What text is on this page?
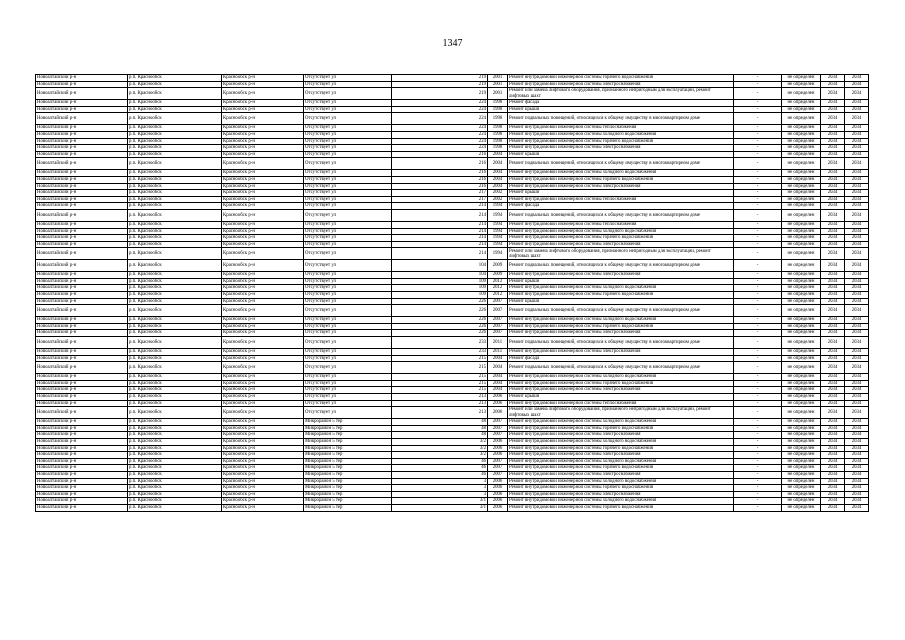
1347
Новоалтайский р-н	р.п. Краснообск	Краснообск р-н	Отсутствует ул	219	2001	Ремонт внутридомовой инженерной системы горячего водоснабжения	-	не определен	2034	2034
Новоалтайский р-н	р.п. Краснообск	Краснообск р-н	Отсутствует ул	219	2001	Ремонт внутридомовой инженерной системы электроснабжения	-	не определен	2034	2034
Новоалтайский р-н	р.п. Краснообск	Краснообск р-н	Отсутствует ул	219	2001	Ремонт или замена лифтового оборудования, признанного непригодным для эксплуатации, ремонт лифтовых шахт	-	не определен	2034	2034
Новоалтайский р-н	р.п. Краснообск	Краснообск р-н	Отсутствует ул	224	1998	Ремонт фасада	-	не определен	2034	2034
Новоалтайский р-н	р.п. Краснообск	Краснообск р-н	Отсутствует ул	224	1998	Ремонт крыши	-	не определен	2034	2034
Новоалтайский р-н	р.п. Краснообск	Краснообск р-н	Отсутствует ул	224	1998	Ремонт подвальных помещений, относящихся к общему имуществу в многоквартирном доме	-	не определен	2034	2034
Новоалтайский р-н	р.п. Краснообск	Краснообск р-н	Отсутствует ул	224	1998	Ремонт внутридомовой инженерной системы теплоснабжения	-	не определен	2034	2034
Новоалтайский р-н	р.п. Краснообск	Краснообск р-н	Отсутствует ул	224	1998	Ремонт внутридомовой инженерной системы холодного водоснабжения	-	не определен	2034	2034
Новоалтайский р-н	р.п. Краснообск	Краснообск р-н	Отсутствует ул	224	1998	Ремонт внутридомовой инженерной системы горячего водоснабжения	-	не определен	2034	2034
Новоалтайский р-н	р.п. Краснообск	Краснообск р-н	Отсутствует ул	224	1998	Ремонт внутридомовой инженерной системы электроснабжения	-	не определен	2034	2034
Новоалтайский р-н	р.п. Краснообск	Краснообск р-н	Отсутствует ул	216	2004	Ремонт крыши	-	не определен	2034	2034
Новоалтайский р-н	р.п. Краснообск	Краснообск р-н	Отсутствует ул	216	2004	Ремонт подвальных помещений, относящихся к общему имуществу в многоквартирном доме	-	не определен	2034	2034
Новоалтайский р-н	р.п. Краснообск	Краснообск р-н	Отсутствует ул	216	2004	Ремонт внутридомовой инженерной системы холодного водоснабжения	-	не определен	2034	2034
Новоалтайский р-н	р.п. Краснообск	Краснообск р-н	Отсутствует ул	216	2004	Ремонт внутридомовой инженерной системы горячего водоснабжения	-	не определен	2034	2034
Новоалтайский р-н	р.п. Краснообск	Краснообск р-н	Отсутствует ул	216	2004	Ремонт внутридомовой инженерной системы электроснабжения	-	не определен	2034	2034
Новоалтайский р-н	р.п. Краснообск	Краснообск р-н	Отсутствует ул	217	2002	Ремонт крыши	-	не определен	2034	2034
Новоалтайский р-н	р.п. Краснообск	Краснообск р-н	Отсутствует ул	217	2002	Ремонт внутридомовой инженерной системы теплоснабжения	-	не определен	2034	2034
Новоалтайский р-н	р.п. Краснообск	Краснообск р-н	Отсутствует ул	214	1994	Ремонт фасада	-	не определен	2034	2034
Новоалтайский р-н	р.п. Краснообск	Краснообск р-н	Отсутствует ул	214	1994	Ремонт подвальных помещений, относящихся к общему имуществу в многоквартирном доме	-	не определен	2034	2034
Новоалтайский р-н	р.п. Краснообск	Краснообск р-н	Отсутствует ул	214	1994	Ремонт внутридомовой инженерной системы теплоснабжения	-	не определен	2034	2034
Новоалтайский р-н	р.п. Краснообск	Краснообск р-н	Отсутствует ул	214	1994	Ремонт внутридомовой инженерной системы холодного водоснабжения	-	не определен	2034	2034
Новоалтайский р-н	р.п. Краснообск	Краснообск р-н	Отсутствует ул	214	1994	Ремонт внутридомовой инженерной системы горячего водоснабжения	-	не определен	2034	2034
Новоалтайский р-н	р.п. Краснообск	Краснообск р-н	Отсутствует ул	214	1994	Ремонт внутридомовой инженерной системы электроснабжения	-	не определен	2034	2034
Новоалтайский р-н	р.п. Краснообск	Краснообск р-н	Отсутствует ул	214	1994	Ремонт или замена лифтового оборудования, признанного непригодным для эксплуатации, ремонт лифтовых шахт	-	не определен	2034	2034
Новоалтайский р-н	р.п. Краснообск	Краснообск р-н	Отсутствует ул	104	2009	Ремонт подвальных помещений, относящихся к общему имуществу в многоквартирном доме	-	не определен	2034	2034
Новоалтайский р-н	р.п. Краснообск	Краснообск р-н	Отсутствует ул	104	2009	Ремонт внутридомовой инженерной системы электроснабжения	-	не определен	2034	2034
Новоалтайский р-н	р.п. Краснообск	Краснообск р-н	Отсутствует ул	109	2012	Ремонт крыши	-	не определен	2034	2034
Новоалтайский р-н	р.п. Краснообск	Краснообск р-н	Отсутствует ул	109	2012	Ремонт внутридомовой инженерной системы холодного водоснабжения	-	не определен	2034	2034
Новоалтайский р-н	р.п. Краснообск	Краснообск р-н	Отсутствует ул	109	2012	Ремонт внутридомовой инженерной системы горячего водоснабжения	-	не определен	2034	2034
Новоалтайский р-н	р.п. Краснообск	Краснообск р-н	Отсутствует ул	226	2007	Ремонт крыши	-	не определен	2034	2034
Новоалтайский р-н	р.п. Краснообск	Краснообск р-н	Отсутствует ул	226	2007	Ремонт подвальных помещений, относящихся к общему имуществу в многоквартирном доме	-	не определен	2034	2034
Новоалтайский р-н	р.п. Краснообск	Краснообск р-н	Отсутствует ул	226	2007	Ремонт внутридомовой инженерной системы холодного водоснабжения	-	не определен	2034	2034
Новоалтайский р-н	р.п. Краснообск	Краснообск р-н	Отсутствует ул	226	2007	Ремонт внутридомовой инженерной системы горячего водоснабжения	-	не определен	2034	2034
Новоалтайский р-н	р.п. Краснообск	Краснообск р-н	Отсутствует ул	226	2007	Ремонт внутридомовой инженерной системы электроснабжения	-	не определен	2034	2034
Новоалтайский р-н	р.п. Краснообск	Краснообск р-н	Отсутствует ул	233	2011	Ремонт подвальных помещений, относящихся к общему имуществу в многоквартирном доме	-	не определен	2034	2034
Новоалтайский р-н	р.п. Краснообск	Краснообск р-н	Отсутствует ул	233	2011	Ремонт внутридомовой инженерной системы электроснабжения	-	не определен	2034	2034
Новоалтайский р-н	р.п. Краснообск	Краснообск р-н	Отсутствует ул	215	2004	Ремонт фасада	-	не определен	2034	2034
Новоалтайский р-н	р.п. Краснообск	Краснообск р-н	Отсутствует ул	215	2004	Ремонт подвальных помещений, относящихся к общему имуществу в многоквартирном доме	-	не определен	2034	2034
Новоалтайский р-н	р.п. Краснообск	Краснообск р-н	Отсутствует ул	215	2004	Ремонт внутридомовой инженерной системы холодного водоснабжения	-	не определен	2034	2034
Новоалтайский р-н	р.п. Краснообск	Краснообск р-н	Отсутствует ул	215	2004	Ремонт внутридомовой инженерной системы горячего водоснабжения	-	не определен	2034	2034
Новоалтайский р-н	р.п. Краснообск	Краснообск р-н	Отсутствует ул	215	2004	Ремонт внутридомовой инженерной системы электроснабжения	-	не определен	2034	2034
Новоалтайский р-н	р.п. Краснообск	Краснообск р-н	Отсутствует ул	213	2006	Ремонт крыши	-	не определен	2034	2034
Новоалтайский р-н	р.п. Краснообск	Краснообск р-н	Отсутствует ул	213	2006	Ремонт внутридомовой инженерной системы теплоснабжения	-	не определен	2034	2034
Новоалтайский р-н	р.п. Краснообск	Краснообск р-н	Отсутствует ул	213	2006	Ремонт или замена лифтового оборудования, признанного непригодным для эксплуатации, ремонт лифтовых шахт	-	не определен	2034	2034
Новоалтайский р-н	р.п. Краснообск	Краснообск р-н	Микрорайон 5 тер	48	2007	Ремонт внутридомовой инженерной системы холодного водоснабжения	-	не определен	2034	2034
Новоалтайский р-н	р.п. Краснообск	Краснообск р-н	Микрорайон 5 тер	48	2007	Ремонт внутридомовой инженерной системы горячего водоснабжения	-	не определен	2034	2034
Новоалтайский р-н	р.п. Краснообск	Краснообск р-н	Микрорайон 5 тер	48	2007	Ремонт внутридомовой инженерной системы электроснабжения	-	не определен	2034	2034
Новоалтайский р-н	р.п. Краснообск	Краснообск р-н	Микрорайон 5 тер	3/2	2006	Ремонт внутридомовой инженерной системы холодного водоснабжения	-	не определен	2034	2034
Новоалтайский р-н	р.п. Краснообск	Краснообск р-н	Микрорайон 5 тер	3/2	2006	Ремонт внутридомовой инженерной системы горячего водоснабжения	-	не определен	2034	2034
Новоалтайский р-н	р.п. Краснообск	Краснообск р-н	Микрорайон 5 тер	3/2	2006	Ремонт внутридомовой инженерной системы электроснабжения	-	не определен	2034	2034
Новоалтайский р-н	р.п. Краснообск	Краснообск р-н	Микрорайон 5 тер	46	2007	Ремонт внутридомовой инженерной системы холодного водоснабжения	-	не определен	2034	2034
Новоалтайский р-н	р.п. Краснообск	Краснообск р-н	Микрорайон 5 тер	46	2007	Ремонт внутридомовой инженерной системы горячего водоснабжения	-	не определен	2034	2034
Новоалтайский р-н	р.п. Краснообск	Краснообск р-н	Микрорайон 5 тер	46	2007	Ремонт внутридомовой инженерной системы электроснабжения	-	не определен	2034	2034
Новоалтайский р-н	р.п. Краснообск	Краснообск р-н	Микрорайон 5 тер	3	2006	Ремонт внутридомовой инженерной системы холодного водоснабжения	-	не определен	2034	2034
Новоалтайский р-н	р.п. Краснообск	Краснообск р-н	Микрорайон 5 тер	3	2006	Ремонт внутридомовой инженерной системы горячего водоснабжения	-	не определен	2034	2034
Новоалтайский р-н	р.п. Краснообск	Краснообск р-н	Микрорайон 5 тер	3	2006	Ремонт внутридомовой инженерной системы электроснабжения	-	не определен	2034	2034
Новоалтайский р-н	р.п. Краснообск	Краснообск р-н	Микрорайон 5 тер	3/1	2006	Ремонт внутридомовой инженерной системы холодного водоснабжения	-	не определен	2034	2034
Новоалтайский р-н	р.п. Краснообск	Краснообск р-н	Микрорайон 5 тер	3/1	2006	Ремонт внутридомовой инженерной системы горячего водоснабжения	-	не определен	2034	2034
